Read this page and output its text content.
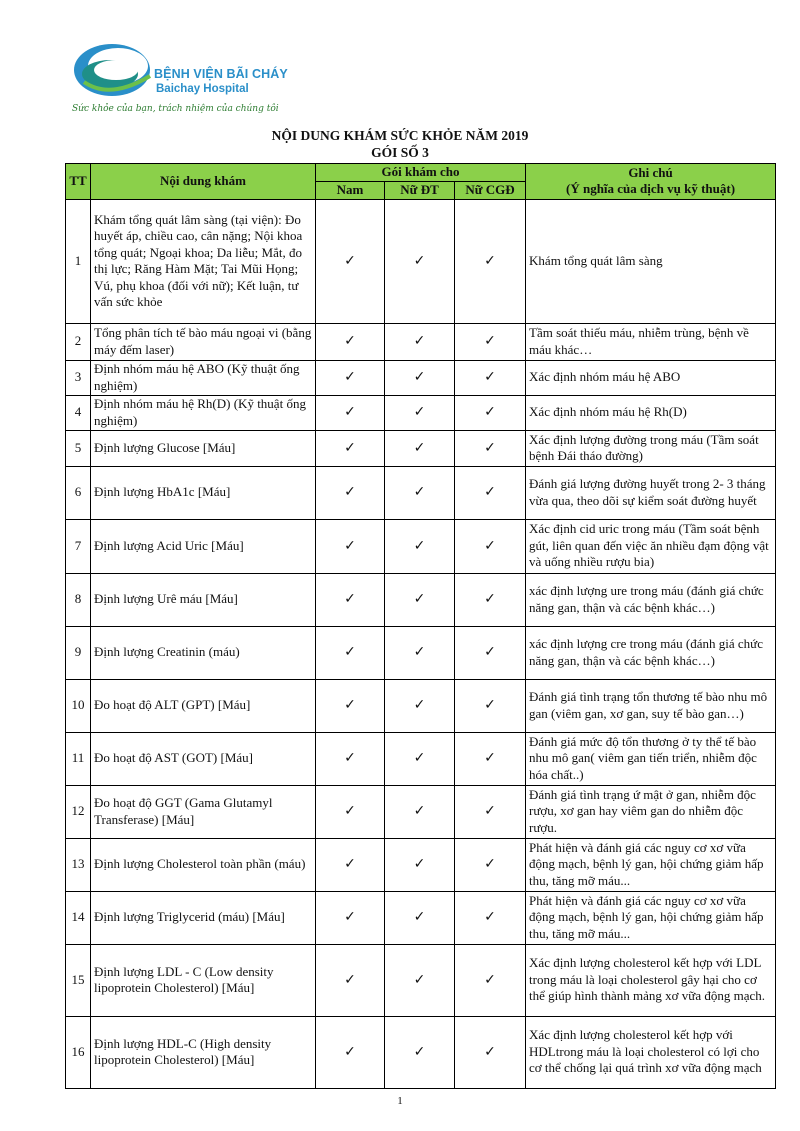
BỆNH VIỆN BÃI CHÁY
Baichay Hospital
Sức khỏe của bạn, trách nhiệm của chúng tôi
NỘI DUNG KHÁM SỨC KHỎE NĂM 2019
GÓI SỐ 3
TT	Nội dung khám	Gói khám cho			Ghi chú
(Ý nghĩa của dịch vụ kỹ thuật)

		Nam	Nữ ĐT	Nữ CGĐ	
1	Khám tổng quát lâm sàng (tại viện): Đo huyết áp, chiều cao, cân nặng; Nội khoa tổng quát; Ngoại khoa; Da liễu; Mắt, đo thị lực; Răng Hàm Mặt; Tai Mũi Họng; Vú, phụ khoa (đối với nữ); Kết luận, tư vấn sức khỏe	✓	✓	✓	Khám tổng quát lâm sàng
2	Tổng phân tích tế bào máu ngoại vi (bằng máy đếm laser)	✓	✓	✓	Tầm soát thiếu máu, nhiễm trùng, bệnh về máu khác…
3	Định nhóm máu hệ ABO (Kỹ thuật ống nghiệm)	✓	✓	✓	Xác định nhóm máu hệ ABO
4	Định nhóm máu hệ Rh(D) (Kỹ thuật ống nghiệm)	✓	✓	✓	Xác định nhóm máu hệ Rh(D)
5	Định lượng Glucose [Máu]	✓	✓	✓	Xác định lượng đường trong máu (Tầm soát bệnh Đái tháo đường)
6	Định lượng HbA1c [Máu]	✓	✓	✓	Đánh giá lượng đường huyết trong 2- 3 tháng vừa qua, theo dõi sự kiểm soát đường huyết
7	Định lượng Acid Uric [Máu]	✓	✓	✓	Xác định cid uric trong máu (Tầm soát bệnh gút, liên quan đến việc ăn nhiều đạm động vật và uống nhiều rượu bia)
8	Định lượng Urê máu [Máu]	✓	✓	✓	xác định lượng ure trong máu (đánh giá chức năng gan, thận và các bệnh khác…)
9	Định lượng Creatinin (máu)	✓	✓	✓	xác định lượng cre trong máu (đánh giá chức năng gan, thận và các bệnh khác…)
10	Đo hoạt độ ALT (GPT) [Máu]	✓	✓	✓	Đánh giá tình trạng tổn thương tế bào nhu mô gan (viêm gan, xơ gan, suy tế bào gan…)
11	Đo hoạt độ AST (GOT) [Máu]	✓	✓	✓	Đánh giá mức độ tổn thương ở ty thể tế bào nhu mô gan( viêm gan tiến triển, nhiễm độc hóa chất..)
12	Đo hoạt độ GGT (Gama Glutamyl Transferase) [Máu]	✓	✓	✓	Đánh giá tình trạng ứ mật ở gan, nhiễm độc rượu, xơ gan hay viêm gan do nhiễm độc rượu.
13	Định lượng Cholesterol toàn phần (máu)	✓	✓	✓	Phát hiện và đánh giá các nguy cơ xơ vữa động mạch, bệnh lý gan, hội chứng giảm hấp thu, tăng mỡ máu...
14	Định lượng Triglycerid (máu) [Máu]	✓	✓	✓	Phát hiện và đánh giá các nguy cơ xơ vữa động mạch, bệnh lý gan, hội chứng giảm hấp thu, tăng mỡ máu...
15	Định lượng LDL - C (Low density lipoprotein Cholesterol) [Máu]	✓	✓	✓	Xác định lượng cholesterol kết hợp với LDL trong máu là loại cholesterol gây hại cho cơ thể giúp hình thành mảng xơ vữa động mạch.
16	Định lượng HDL-C (High density lipoprotein Cholesterol) [Máu]	✓	✓	✓	Xác định lượng cholesterol kết hợp với HDLtrong máu là loại cholesterol có lợi cho cơ thể chống lại quá trình xơ vữa động mạch
1
